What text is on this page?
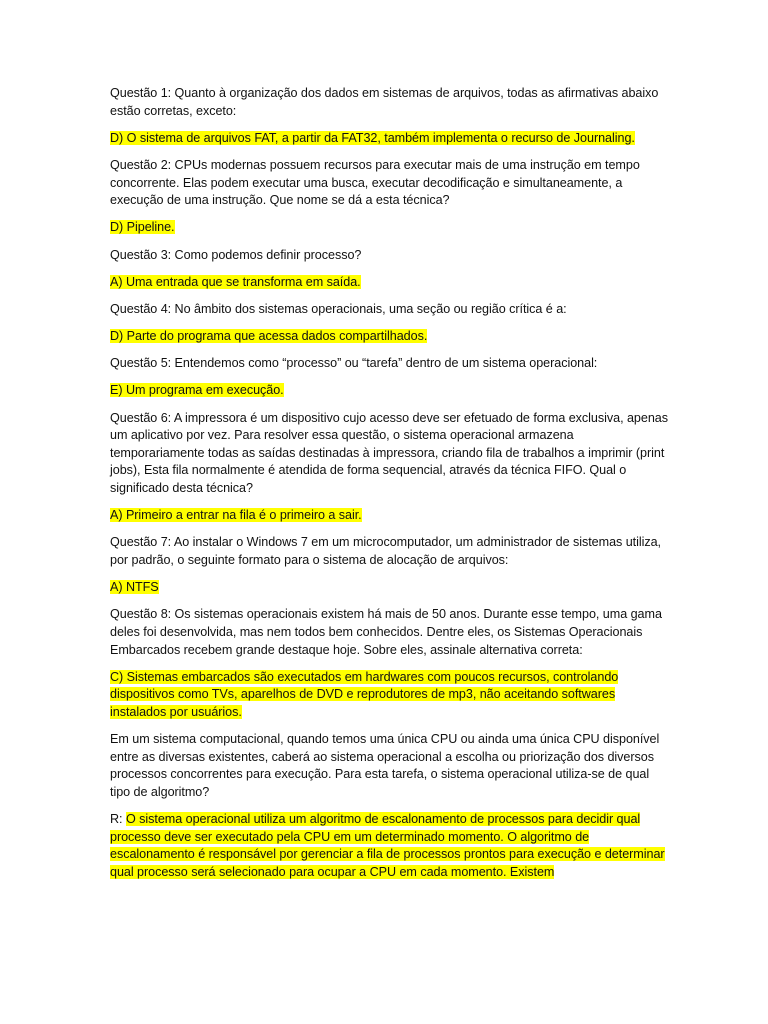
Questão 1: Quanto à organização dos dados em sistemas de arquivos, todas as afirmativas abaixo estão corretas, exceto:

D) O sistema de arquivos FAT, a partir da FAT32, também implementa o recurso de Journaling.

Questão 2: CPUs modernas possuem recursos para executar mais de uma instrução em tempo concorrente. Elas podem executar uma busca, executar decodificação e simultaneamente, a execução de uma instrução. Que nome se dá a esta técnica?

D) Pipeline.

Questão 3: Como podemos definir processo?

A) Uma entrada que se transforma em saída.

Questão 4: No âmbito dos sistemas operacionais, uma seção ou região crítica é a:

D) Parte do programa que acessa dados compartilhados.

Questão 5: Entendemos como “processo” ou “tarefa” dentro de um sistema operacional:

E) Um programa em execução.

Questão 6: A impressora é um dispositivo cujo acesso deve ser efetuado de forma exclusiva, apenas um aplicativo por vez. Para resolver essa questão, o sistema operacional armazena temporariamente todas as saídas destinadas à impressora, criando fila de trabalhos a imprimir (print jobs), Esta fila normalmente é atendida de forma sequencial, através da técnica FIFO. Qual o significado desta técnica?

A) Primeiro a entrar na fila é o primeiro a sair.

Questão 7: Ao instalar o Windows 7 em um microcomputador, um administrador de sistemas utiliza, por padrão, o seguinte formato para o sistema de alocação de arquivos:

A) NTFS

Questão 8: Os sistemas operacionais existem há mais de 50 anos. Durante esse tempo, uma gama deles foi desenvolvida, mas nem todos bem conhecidos. Dentre eles, os Sistemas Operacionais Embarcados recebem grande destaque hoje. Sobre eles, assinale alternativa correta:

C) Sistemas embarcados são executados em hardwares com poucos recursos, controlando dispositivos como TVs, aparelhos de DVD e reprodutores de mp3, não aceitando softwares instalados por usuários.

Em um sistema computacional, quando temos uma única CPU ou ainda uma única CPU disponível entre as diversas existentes, caberá ao sistema operacional a escolha ou priorização dos diversos processos concorrentes para execução. Para esta tarefa, o sistema operacional utiliza-se de qual tipo de algoritmo?

R: O sistema operacional utiliza um algoritmo de escalonamento de processos para decidir qual processo deve ser executado pela CPU em um determinado momento. O algoritmo de escalonamento é responsável por gerenciar a fila de processos prontos para execução e determinar qual processo será selecionado para ocupar a CPU em cada momento. Existem
